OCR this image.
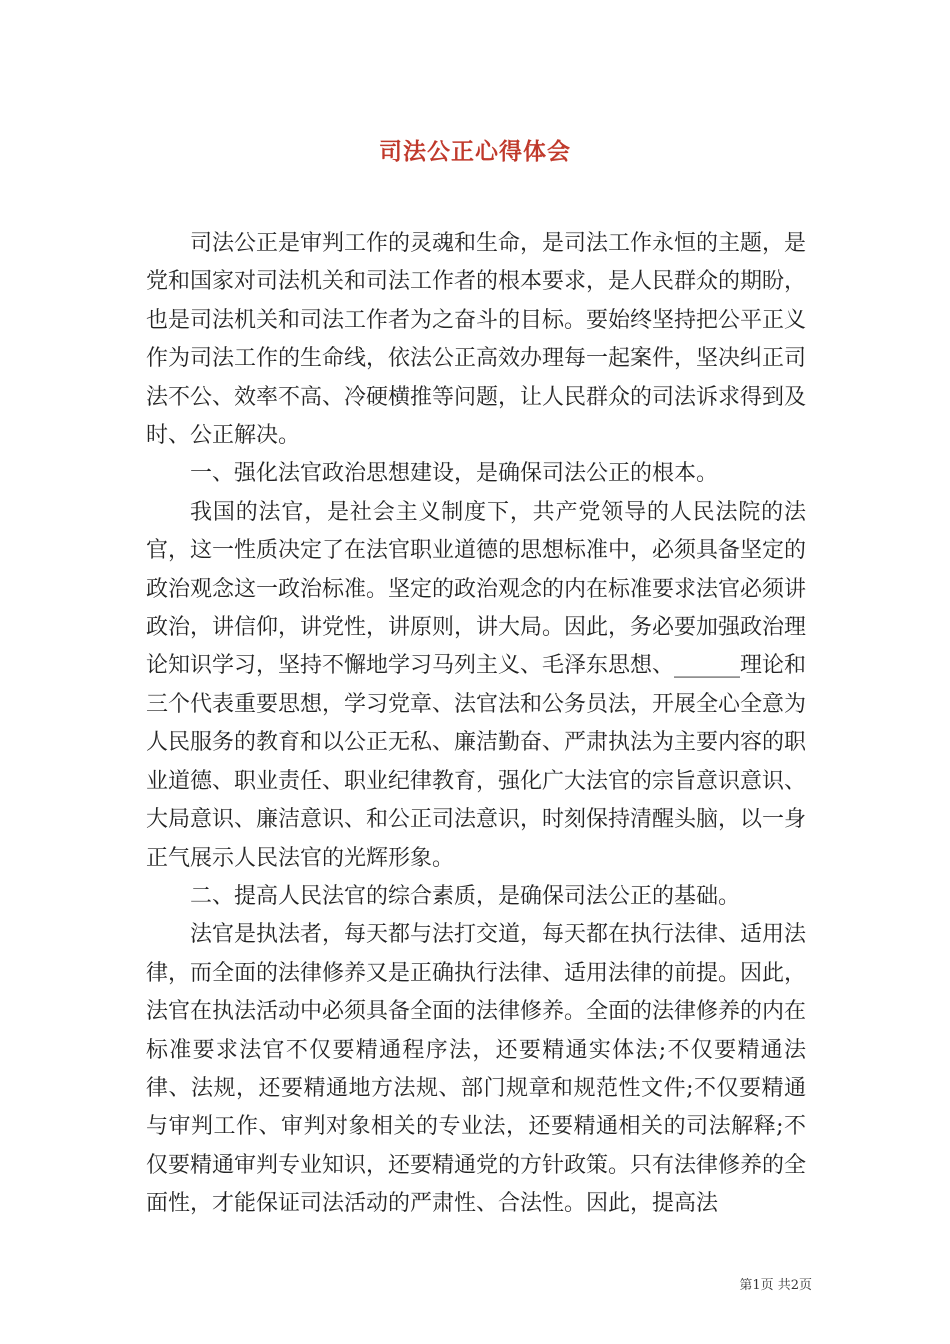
司法公正心得体会

司法公正是审判工作的灵魂和生命，是司法工作永恒的主题，是党和国家对司法机关和司法工作者的根本要求，是人民群众的期盼，也是司法机关和司法工作者为之奋斗的目标。要始终坚持把公平正义作为司法工作的生命线，依法公正高效办理每一起案件，坚决纠正司法不公、效率不高、冷硬横推等问题，让人民群众的司法诉求得到及时、公正解决。

一、强化法官政治思想建设，是确保司法公正的根本。

我国的法官，是社会主义制度下，共产党领导的人民法院的法官，这一性质决定了在法官职业道德的思想标准中，必须具备坚定的政治观念这一政治标准。坚定的政治观念的内在标准要求法官必须讲政治，讲信仰，讲党性，讲原则，讲大局。因此，务必要加强政治理论知识学习，坚持不懈地学习马列主义、毛泽东思想、______理论和三个代表重要思想，学习党章、法官法和公务员法，开展全心全意为人民服务的教育和以公正无私、廉洁勤奋、严肃执法为主要内容的职业道德、职业责任、职业纪律教育，强化广大法官的宗旨意识意识、大局意识、廉洁意识、和公正司法意识，时刻保持清醒头脑，以一身正气展示人民法官的光辉形象。

二、提高人民法官的综合素质，是确保司法公正的基础。

法官是执法者，每天都与法打交道，每天都在执行法律、适用法律，而全面的法律修养又是正确执行法律、适用法律的前提。因此，法官在执法活动中必须具备全面的法律修养。全面的法律修养的内在标准要求法官不仅要精通程序法，还要精通实体法;不仅要精通法律、法规，还要精通地方法规、部门规章和规范性文件;不仅要精通与审判工作、审判对象相关的专业法，还要精通相关的司法解释;不仅要精通审判专业知识，还要精通党的方针政策。只有法律修养的全面性，才能保证司法活动的严肃性、合法性。因此，提高法

第1页 共2页
